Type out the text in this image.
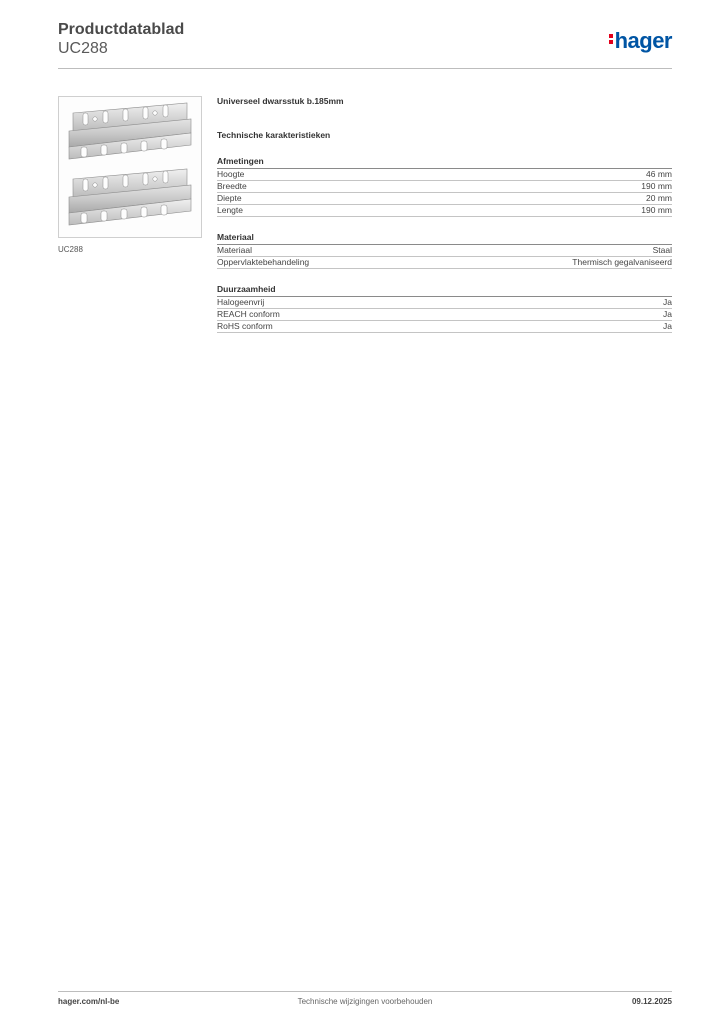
Productdatablad
UC288	hager
UC288
Universeel dwarsstuk b.185mm
Technische karakteristieken
Afmetingen
Hoogte	46 mm
Breedte	190 mm
Diepte	20 mm
Lengte	190 mm
Materiaal
Materiaal	Staal
Oppervlaktebehandeling	Thermisch gegalvaniseerd
Duurzaamheid
Halogeenvrij	Ja
REACH conform	Ja
RoHS conform	Ja
Technische wijzigingen voorbehouden
hager.com/nl-be	09.12.2025
